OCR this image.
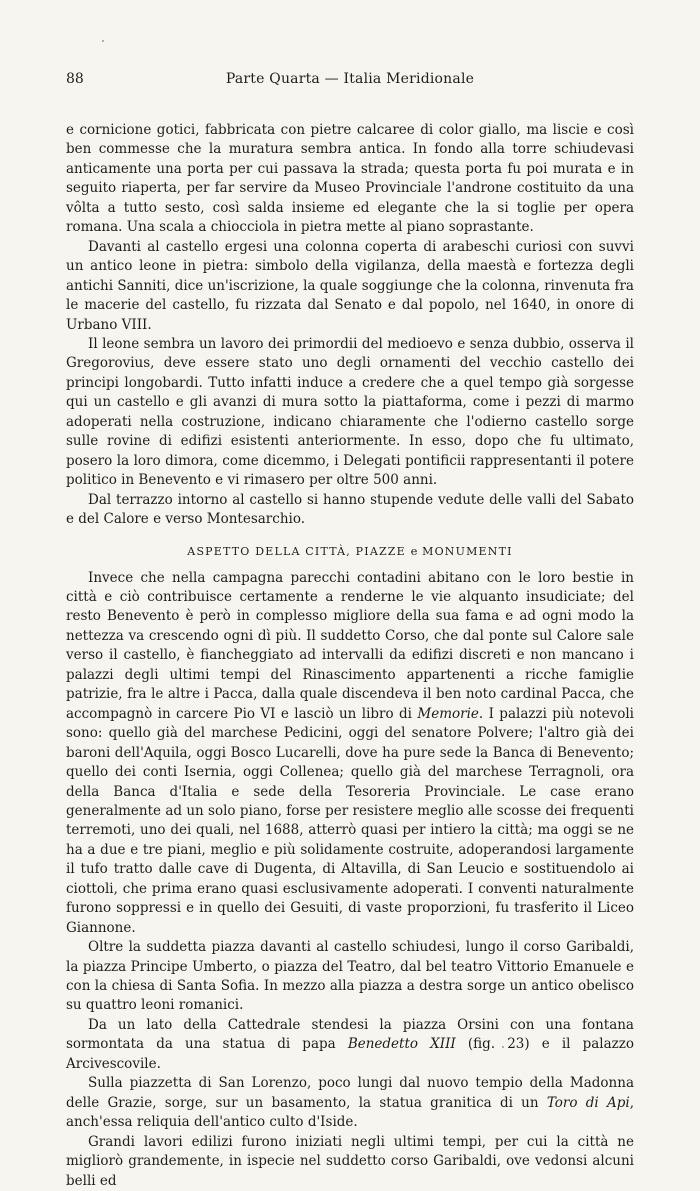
88	Parte Quarta — Italia Meridionale

e cornicione gotici, fabbricata con pietre calcaree di color giallo, ma liscie e così ben commesse che la muratura sembra antica. In fondo alla torre schiudevasi anticamente una porta per cui passava la strada; questa porta fu poi murata e in seguito riaperta, per far servire da Museo Provinciale l'androne costituito da una vôlta a tutto sesto, così salda insieme ed elegante che la si toglie per opera romana. Una scala a chiocciola in pietra mette al piano soprastante.

Davanti al castello ergesi una colonna coperta di arabeschi curiosi con suvvi un antico leone in pietra: simbolo della vigilanza, della maestà e fortezza degli antichi Sanniti, dice un'iscrizione, la quale soggiunge che la colonna, rinvenuta fra le macerie del castello, fu rizzata dal Senato e dal popolo, nel 1640, in onore di Urbano VIII.

Il leone sembra un lavoro dei primordii del medioevo e senza dubbio, osserva il Gregorovius, deve essere stato uno degli ornamenti del vecchio castello dei principi longobardi. Tutto infatti induce a credere che a quel tempo già sorgesse qui un castello e gli avanzi di mura sotto la piattaforma, come i pezzi di marmo adoperati nella costruzione, indicano chiaramente che l'odierno castello sorge sulle rovine di edifizi esistenti anteriormente. In esso, dopo che fu ultimato, posero la loro dimora, come dicemmo, i Delegati pontificii rappresentanti il potere politico in Benevento e vi rimasero per oltre 500 anni.

Dal terrazzo intorno al castello si hanno stupende vedute delle valli del Sabato e del Calore e verso Montesarchio.

ASPETTO DELLA CITTÀ, PIAZZE e MONUMENTI

Invece che nella campagna parecchi contadini abitano con le loro bestie in città e ciò contribuisce certamente a renderne le vie alquanto insudiciate; del resto Benevento è però in complesso migliore della sua fama e ad ogni modo la nettezza va crescendo ogni dì più. Il suddetto Corso, che dal ponte sul Calore sale verso il castello, è fiancheggiato ad intervalli da edifizi discreti e non mancano i palazzi degli ultimi tempi del Rinascimento appartenenti a ricche famiglie patrizie, fra le altre i Pacca, dalla quale discendeva il ben noto cardinal Pacca, che accompagnò in carcere Pio VI e lasciò un libro di Memorie. I palazzi più notevoli sono: quello già del marchese Pedicini, oggi del senatore Polvere; l'altro già dei baroni dell'Aquila, oggi Bosco Lucarelli, dove ha pure sede la Banca di Benevento; quello dei conti Isernia, oggi Collenea; quello già del marchese Terragnoli, ora della Banca d'Italia e sede della Tesoreria Provinciale. Le case erano generalmente ad un solo piano, forse per resistere meglio alle scosse dei frequenti terremoti, uno dei quali, nel 1688, atterrò quasi per intiero la città; ma oggi se ne ha a due e tre piani, meglio e più solidamente costruite, adoperandosi largamente il tufo tratto dalle cave di Dugenta, di Altavilla, di San Leucio e sostituendolo ai ciottoli, che prima erano quasi esclusivamente adoperati. I conventi naturalmente furono soppressi e in quello dei Gesuiti, di vaste proporzioni, fu trasferito il Liceo Giannone.

Oltre la suddetta piazza davanti al castello schiudesi, lungo il corso Garibaldi, la piazza Principe Umberto, o piazza del Teatro, dal bel teatro Vittorio Emanuele e con la chiesa di Santa Sofia. In mezzo alla piazza a destra sorge un antico obelisco su quattro leoni romanici.

Da un lato della Cattedrale stendesi la piazza Orsini con una fontana sormontata da una statua di papa Benedetto XIII (fig. 23) e il palazzo Arcivescovile.

Sulla piazzetta di San Lorenzo, poco lungi dal nuovo tempio della Madonna delle Grazie, sorge, sur un basamento, la statua granitica di un Toro di Api, anch'essa reliquia dell'antico culto d'Iside.

Grandi lavori edilizi furono iniziati negli ultimi tempi, per cui la città ne migliorò grandemente, in ispecie nel suddetto corso Garibaldi, ove vedonsi alcuni belli ed
